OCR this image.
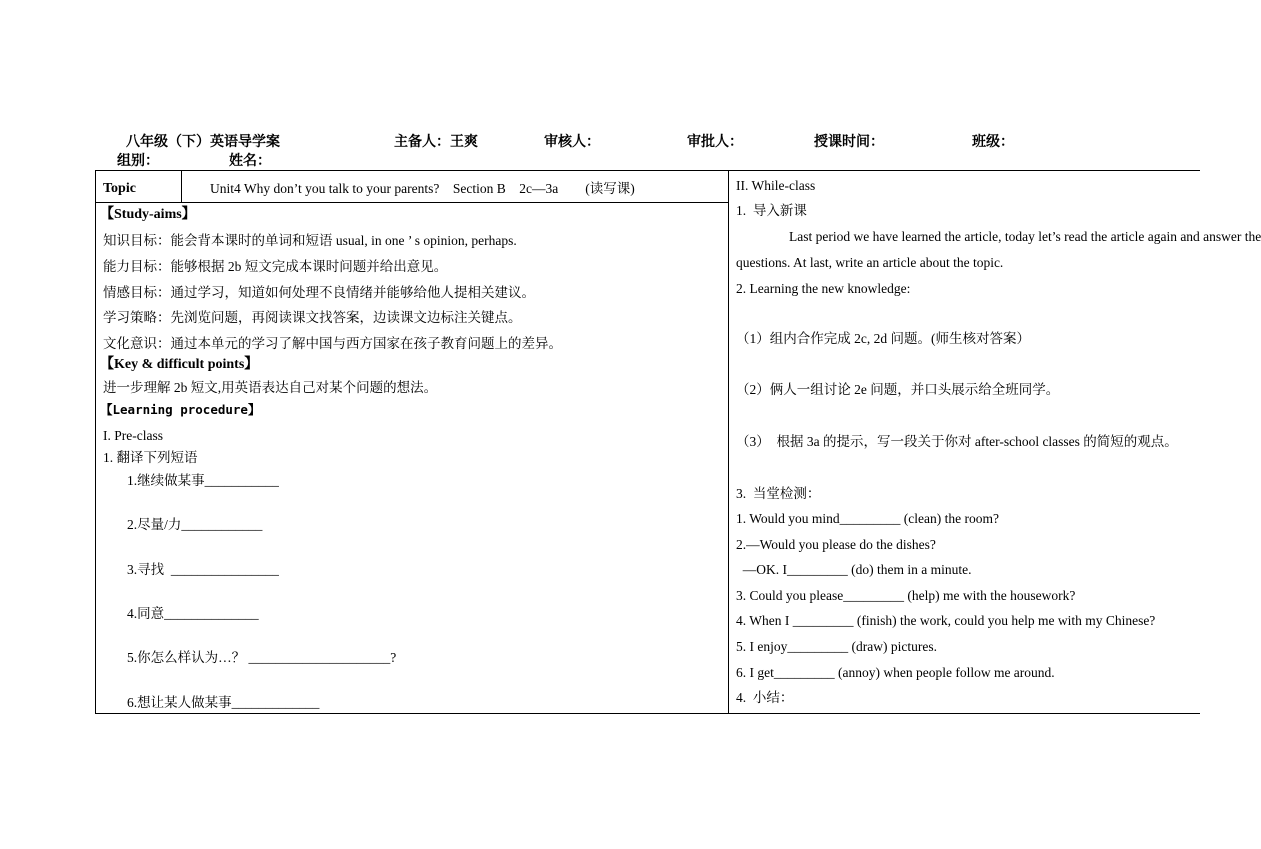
八年级（下）英语导学案	主备人：王爽	审核人：	审批人：	授课时间：	班级：
组别：	姓名：
Topic	Unit4 Why don’t you talk to your parents?    Section B    2c—3a        (读写课)
【Study-aims】
知识目标：能会背本课时的单词和短语 usual, in one ’ s opinion, perhaps.
能力目标：能够根据 2b 短文完成本课时问题并给出意见。
情感目标：通过学习，知道如何处理不良情绪并能够给他人提相关建议。
学习策略：先浏览问题，再阅读课文找答案，边读课文边标注关键点。
文化意识：通过本单元的学习了解中国与西方国家在孩子教育问题上的差异。
【Key & difficult points】
进一步理解 2b 短文,用英语表达自己对某个问题的想法。
【Learning procedure】
I. Pre-class
1. 翻译下列短语
1.继续做某事___________
2.尽量/力____________
3.寻找  ________________
4.同意______________
5.你怎么样认为…？ _____________________?
6.想让某人做某事_____________
II. While-class
1.  导入新课
Last period we have learned the article, today let’s read the article again and answer the
questions. At last, write an article about the topic.
2. Learning the new knowledge:
（1）组内合作完成 2c, 2d 问题。(师生核对答案）
（2）俩人一组讨论 2e 问题，并口头展示给全班同学。
（3）  根据 3a 的提示，写一段关于你对 after-school classes 的简短的观点。
3.  当堂检测：
1. Would you mind_________ (clean) the room?
2.—Would you please do the dishes?
—OK. I_________ (do) them in a minute.
3. Could you please_________ (help) me with the housework?
4. When I _________ (finish) the work, could you help me with my Chinese?
5. I enjoy_________ (draw) pictures.
6. I get_________ (annoy) when people follow me around.
4.  小结：
